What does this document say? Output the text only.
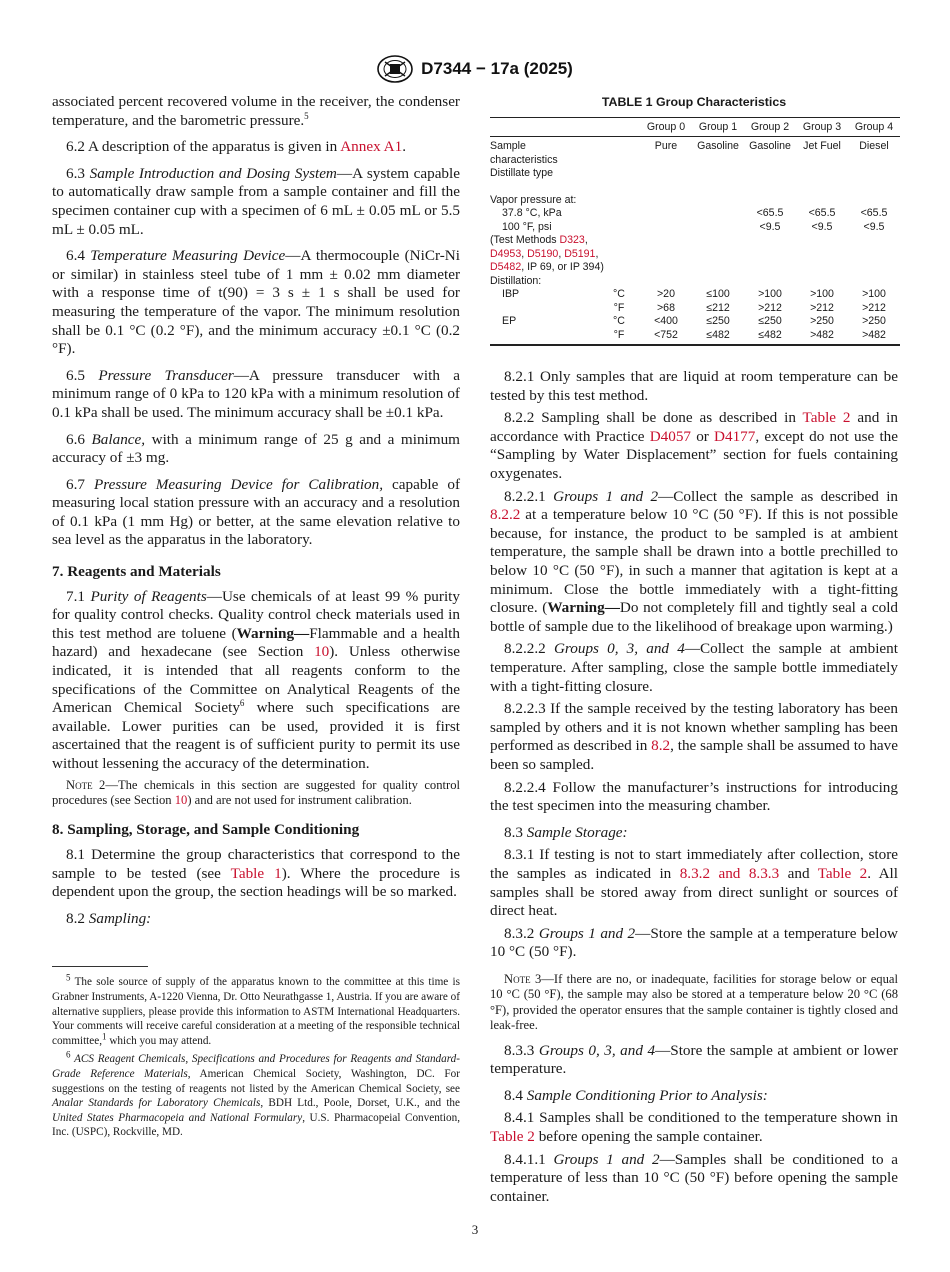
D7344 − 17a (2025)

associated percent recovered volume in the receiver, the condenser temperature, and the barometric pressure.$^5$

6.2 A description of the apparatus is given in Annex A1.

6.3 Sample Introduction and Dosing System—A system capable to automatically draw sample from a sample container and fill the specimen container cup with a specimen of 6 mL ± 0.05 mL or 5.5 mL ± 0.05 mL.

6.4 Temperature Measuring Device—A thermocouple (NiCr-Ni or similar) in stainless steel tube of 1 mm ± 0.02 mm diameter with a response time of t(90) = 3 s ± 1 s shall be used for measuring the temperature of the vapor. The minimum resolution shall be 0.1 °C (0.2 °F), and the minimum accuracy ±0.1 °C (0.2 °F).

6.5 Pressure Transducer—A pressure transducer with a minimum range of 0 kPa to 120 kPa with a minimum resolution of 0.1 kPa shall be used. The minimum accuracy shall be ±0.1 kPa.

6.6 Balance, with a minimum range of 25 g and a minimum accuracy of ±3 mg.

6.7 Pressure Measuring Device for Calibration, capable of measuring local station pressure with an accuracy and a resolution of 0.1 kPa (1 mm Hg) or better, at the same elevation relative to sea level as the apparatus in the laboratory.

7. Reagents and Materials

7.1 Purity of Reagents—Use chemicals of at least 99 % purity for quality control checks. Quality control check materials used in this test method are toluene (Warning—Flammable and a health hazard) and hexadecane (see Section 10). Unless otherwise indicated, it is intended that all reagents conform to the specifications of the Committee on Analytical Reagents of the American Chemical Society$^6$ where such specifications are available. Lower purities can be used, provided it is first ascertained that the reagent is of sufficient purity to permit its use without lessening the accuracy of the determination.

Note 2—The chemicals in this section are suggested for quality control procedures (see Section 10) and are not used for instrument calibration.

8. Sampling, Storage, and Sample Conditioning

8.1 Determine the group characteristics that correspond to the sample to be tested (see Table 1). Where the procedure is dependent upon the group, the section headings will be so marked.

8.2 Sampling:

$^5$ The sole source of supply of the apparatus known to the committee at this time is Grabner Instruments, A-1220 Vienna, Dr. Otto Neurathgasse 1, Austria. If you are aware of alternative suppliers, please provide this information to ASTM International Headquarters. Your comments will receive careful consideration at a meeting of the responsible technical committee,$^1$ which you may attend.

$^6$ ACS Reagent Chemicals, Specifications and Procedures for Reagents and Standard-Grade Reference Materials, American Chemical Society, Washington, DC. For suggestions on the testing of reagents not listed by the American Chemical Society, see Analar Standards for Laboratory Chemicals, BDH Ltd., Poole, Dorset, U.K., and the United States Pharmacopeia and National Formulary, U.S. Pharmacopeial Convention, Inc. (USPC), Rockville, MD.

TABLE 1 Group Characteristics
		Group 0	Group 1	Group 2	Group 3	Group 4
Sample		Pure	Gasoline	Gasoline	Jet Fuel	Diesel
characteristics						
Distillate type						

Vapor pressure at:						
37.8 °C, kPa				<65.5	<65.5	<65.5
100 °F, psi				<9.5	<9.5	<9.5
(Test Methods D323,						
D4953, D5190, D5191,						
D5482, IP 69, or IP 394)						
Distillation:						
IBP	°C	>20	≤100	>100	>100	>100
	°F	>68	≤212	>212	>212	>212
EP	°C	<400	≤250	≤250	>250	>250
	°F	<752	≤482	≤482	>482	>482

8.2.1 Only samples that are liquid at room temperature can be tested by this test method.

8.2.2 Sampling shall be done as described in Table 2 and in accordance with Practice D4057 or D4177, except do not use the “Sampling by Water Displacement” section for fuels containing oxygenates.

8.2.2.1 Groups 1 and 2—Collect the sample as described in 8.2.2 at a temperature below 10 °C (50 °F). If this is not possible because, for instance, the product to be sampled is at ambient temperature, the sample shall be drawn into a bottle prechilled to below 10 °C (50 °F), in such a manner that agitation is kept at a minimum. Close the bottle immediately with a tight-fitting closure. (Warning—Do not completely fill and tightly seal a cold bottle of sample due to the likelihood of breakage upon warming.)

8.2.2.2 Groups 0, 3, and 4—Collect the sample at ambient temperature. After sampling, close the sample bottle immediately with a tight-fitting closure.

8.2.2.3 If the sample received by the testing laboratory has been sampled by others and it is not known whether sampling has been performed as described in 8.2, the sample shall be assumed to have been so sampled.

8.2.2.4 Follow the manufacturer’s instructions for introducing the test specimen into the measuring chamber.

8.3 Sample Storage:

8.3.1 If testing is not to start immediately after collection, store the samples as indicated in 8.3.2 and 8.3.3 and Table 2. All samples shall be stored away from direct sunlight or sources of direct heat.

8.3.2 Groups 1 and 2—Store the sample at a temperature below 10 °C (50 °F).

Note 3—If there are no, or inadequate, facilities for storage below or equal 10 °C (50 °F), the sample may also be stored at a temperature below 20 °C (68 °F), provided the operator ensures that the sample container is tightly closed and leak-free.

8.3.3 Groups 0, 3, and 4—Store the sample at ambient or lower temperature.

8.4 Sample Conditioning Prior to Analysis:

8.4.1 Samples shall be conditioned to the temperature shown in Table 2 before opening the sample container.

8.4.1.1 Groups 1 and 2—Samples shall be conditioned to a temperature of less than 10 °C (50 °F) before opening the sample container.

3
